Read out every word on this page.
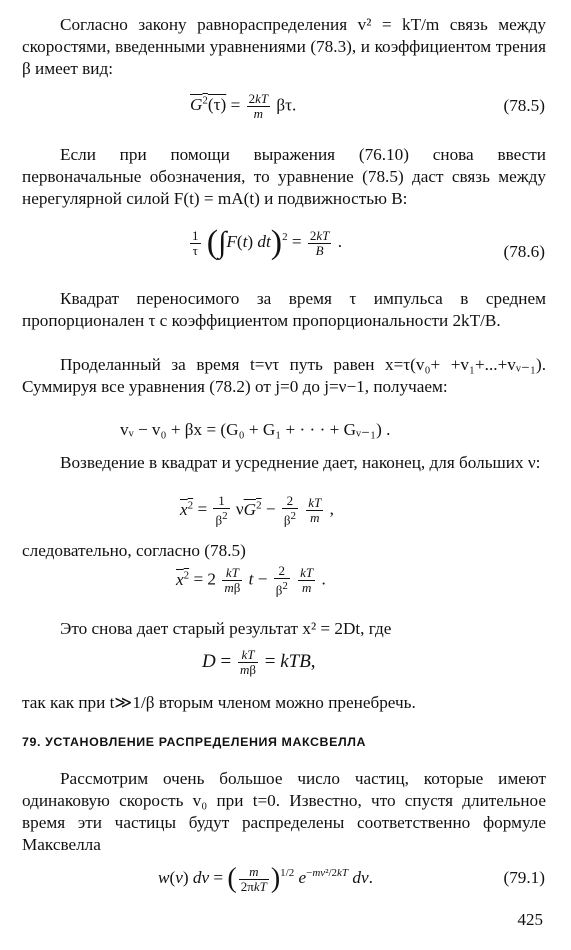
Согласно закону равнораспределения v² = kT/m связь между скоростями, введенными уравнениями (78.3), и коэффициентом трения β имеет вид:

$G^2(\tau) = \frac{2kT}{m} \beta\tau$.	(78.5)

Если при помощи выражения (76.10) снова ввести первоначальные обозначения, то уравнение (78.5) даст связь между нерегулярной силой F(t) = mA(t) и подвижностью B:

$\frac{1}{\tau} (\int F(t) dt)^2 = \frac{2kT}{B}$ .
(78.6)

Квадрат переносимого за время τ импульса в среднем пропорционален τ с коэффициентом пропорциональности 2kT/B.

Проделанный за время t=ντ путь равен x=τ(v₀+ +v₁+...+vᵥ₋₁). Суммируя все уравнения (78.2) от j=0 до j=ν−1, получаем:

vᵥ − v₀ + βx = (G₀ + G₁ + · · · + Gᵥ₋₁) .

Возведение в квадрат и усреднение дает, наконец, для больших ν:

$x^2 = \frac{1}{\beta^2} \nu G^2 - \frac{2}{\beta^2}$
$\frac{kT}{m}$ ,

следовательно, согласно (78.5)

$x^2 = 2 \frac{kT}{m\beta}$ $t - \frac{2}{\beta^2}$
$\frac{kT}{m}$ .

Это снова дает старый результат x² = 2Dt, где

$D = \frac{kT}{m\beta}$ = kTB,

так как при t≫1/β вторым членом можно пренебречь.

79. УСТАНОВЛЕНИЕ РАСПРЕДЕЛЕНИЯ МАКСВЕЛЛА

Рассмотрим очень большое число частиц, которые имеют одинаковую скорость v₀ при t=0. Известно, что спустя длительное время эти частицы будут распределены соответственно формуле Максвелла

w(v) dv = ( $\frac{m}{\text{2πkT}} )^{1/2}$ $e^{-mv^2/2kT}$ dv.	(79.1)
425
